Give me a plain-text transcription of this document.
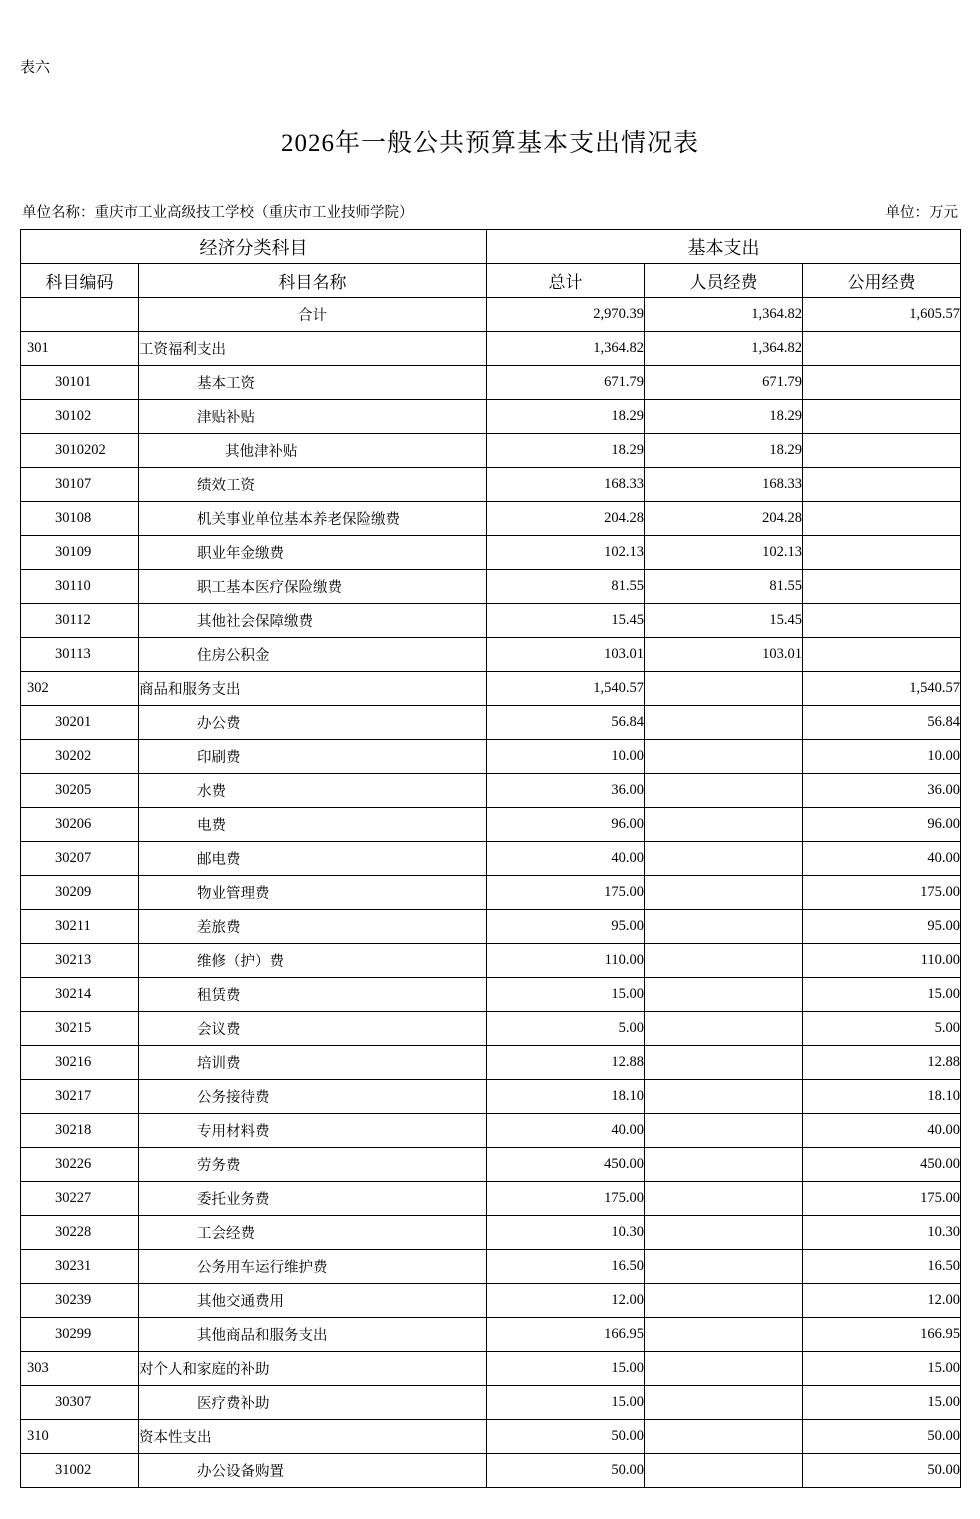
表六
2026年一般公共预算基本支出情况表
单位名称：重庆市工业高级技工学校（重庆市工业技师学院）	单位：万元
经济分类科目		基本支出		
科目编码	科目名称	总计	人员经费	公用经费
	合计	2,970.39	1,364.82	1,605.57
301	工资福利支出	1,364.82	1,364.82	
30101	基本工资	671.79	671.79	
30102	津贴补贴	18.29	18.29	
3010202	其他津补贴	18.29	18.29	
30107	绩效工资	168.33	168.33	
30108	机关事业单位基本养老保险缴费	204.28	204.28	
30109	职业年金缴费	102.13	102.13	
30110	职工基本医疗保险缴费	81.55	81.55	
30112	其他社会保障缴费	15.45	15.45	
30113	住房公积金	103.01	103.01	
302	商品和服务支出	1,540.57		1,540.57
30201	办公费	56.84		56.84
30202	印刷费	10.00		10.00
30205	水费	36.00		36.00
30206	电费	96.00		96.00
30207	邮电费	40.00		40.00
30209	物业管理费	175.00		175.00
30211	差旅费	95.00		95.00
30213	维修（护）费	110.00		110.00
30214	租赁费	15.00		15.00
30215	会议费	5.00		5.00
30216	培训费	12.88		12.88
30217	公务接待费	18.10		18.10
30218	专用材料费	40.00		40.00
30226	劳务费	450.00		450.00
30227	委托业务费	175.00		175.00
30228	工会经费	10.30		10.30
30231	公务用车运行维护费	16.50		16.50
30239	其他交通费用	12.00		12.00
30299	其他商品和服务支出	166.95		166.95
303	对个人和家庭的补助	15.00		15.00
30307	医疗费补助	15.00		15.00
310	资本性支出	50.00		50.00
31002	办公设备购置	50.00		50.00
